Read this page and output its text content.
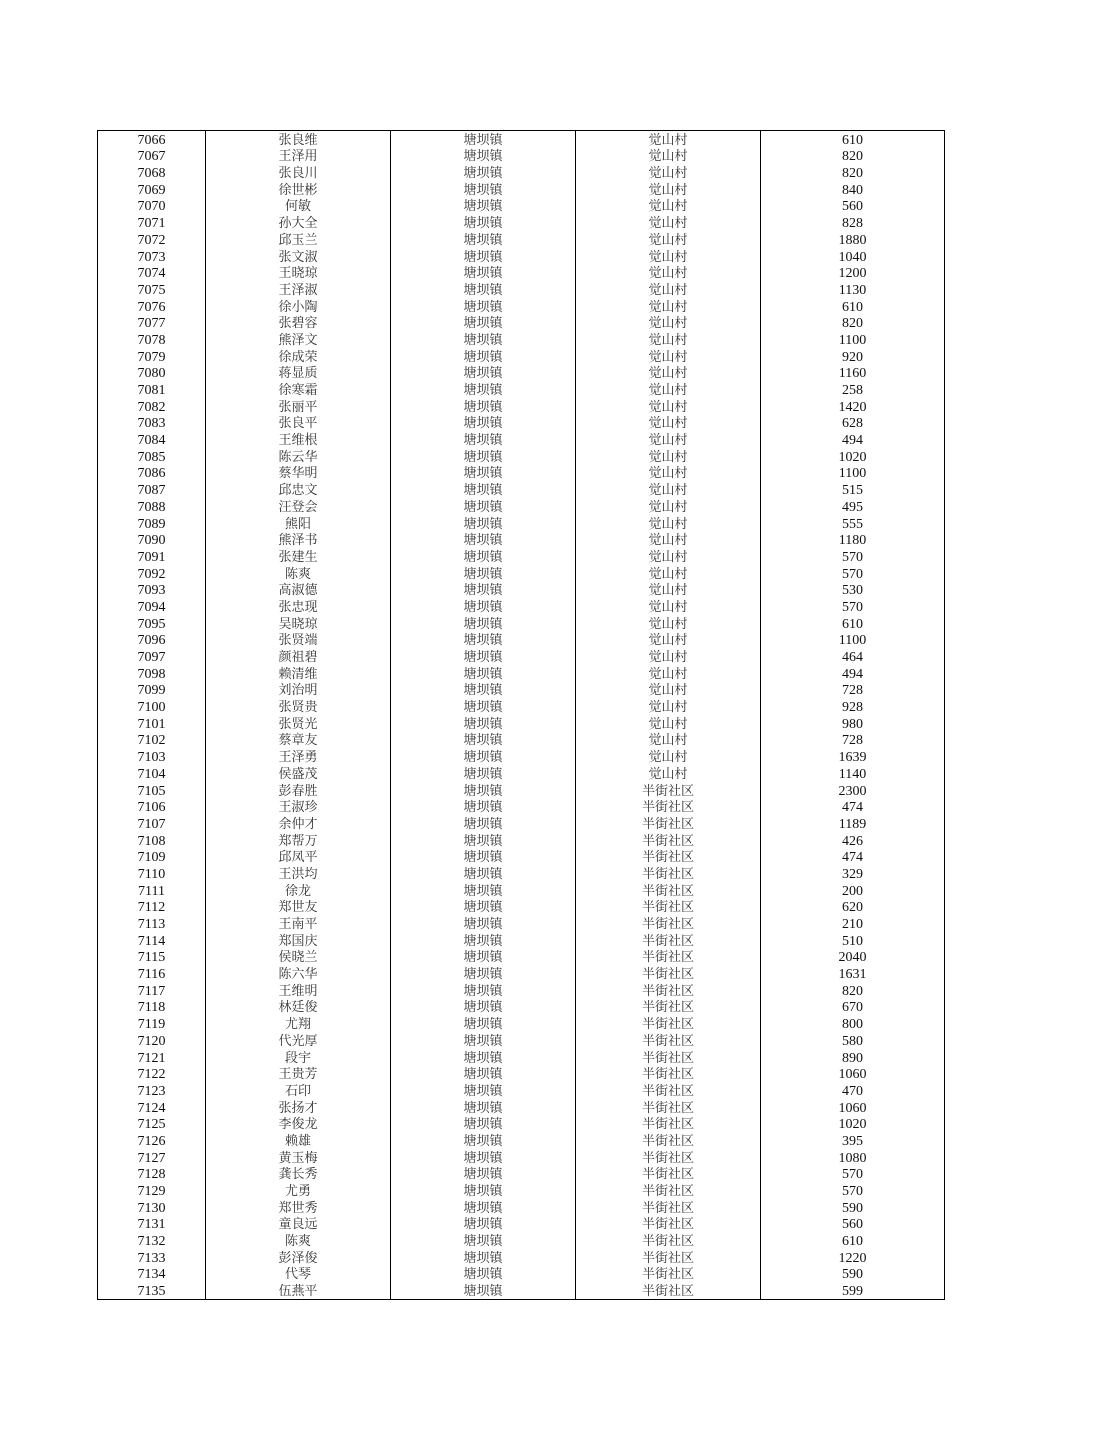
7066	张良维	塘坝镇	觉山村	610
7067	王泽用	塘坝镇	觉山村	820
7068	张良川	塘坝镇	觉山村	820
7069	徐世彬	塘坝镇	觉山村	840
7070	何敏	塘坝镇	觉山村	560
7071	孙大全	塘坝镇	觉山村	828
7072	邱玉兰	塘坝镇	觉山村	1880
7073	张文淑	塘坝镇	觉山村	1040
7074	王晓琼	塘坝镇	觉山村	1200
7075	王泽淑	塘坝镇	觉山村	1130
7076	徐小陶	塘坝镇	觉山村	610
7077	张碧容	塘坝镇	觉山村	820
7078	熊泽文	塘坝镇	觉山村	1100
7079	徐成荣	塘坝镇	觉山村	920
7080	蒋显质	塘坝镇	觉山村	1160
7081	徐寒霜	塘坝镇	觉山村	258
7082	张丽平	塘坝镇	觉山村	1420
7083	张良平	塘坝镇	觉山村	628
7084	王维根	塘坝镇	觉山村	494
7085	陈云华	塘坝镇	觉山村	1020
7086	蔡华明	塘坝镇	觉山村	1100
7087	邱忠文	塘坝镇	觉山村	515
7088	汪登会	塘坝镇	觉山村	495
7089	熊阳	塘坝镇	觉山村	555
7090	熊泽书	塘坝镇	觉山村	1180
7091	张建生	塘坝镇	觉山村	570
7092	陈爽	塘坝镇	觉山村	570
7093	高淑德	塘坝镇	觉山村	530
7094	张忠现	塘坝镇	觉山村	570
7095	吴晓琼	塘坝镇	觉山村	610
7096	张贤端	塘坝镇	觉山村	1100
7097	颜祖碧	塘坝镇	觉山村	464
7098	赖清维	塘坝镇	觉山村	494
7099	刘治明	塘坝镇	觉山村	728
7100	张贤贵	塘坝镇	觉山村	928
7101	张贤光	塘坝镇	觉山村	980
7102	蔡章友	塘坝镇	觉山村	728
7103	王泽勇	塘坝镇	觉山村	1639
7104	侯盛茂	塘坝镇	觉山村	1140
7105	彭春胜	塘坝镇	半街社区	2300
7106	王淑珍	塘坝镇	半街社区	474
7107	余仲才	塘坝镇	半街社区	1189
7108	郑帮万	塘坝镇	半街社区	426
7109	邱凤平	塘坝镇	半街社区	474
7110	王洪均	塘坝镇	半街社区	329
7111	徐龙	塘坝镇	半街社区	200
7112	郑世友	塘坝镇	半街社区	620
7113	王南平	塘坝镇	半街社区	210
7114	郑国庆	塘坝镇	半街社区	510
7115	侯晓兰	塘坝镇	半街社区	2040
7116	陈六华	塘坝镇	半街社区	1631
7117	王维明	塘坝镇	半街社区	820
7118	林廷俊	塘坝镇	半街社区	670
7119	尤翔	塘坝镇	半街社区	800
7120	代光厚	塘坝镇	半街社区	580
7121	段宇	塘坝镇	半街社区	890
7122	王贵芳	塘坝镇	半街社区	1060
7123	石印	塘坝镇	半街社区	470
7124	张扬才	塘坝镇	半街社区	1060
7125	李俊龙	塘坝镇	半街社区	1020
7126	赖雄	塘坝镇	半街社区	395
7127	黄玉梅	塘坝镇	半街社区	1080
7128	龚长秀	塘坝镇	半街社区	570
7129	尤勇	塘坝镇	半街社区	570
7130	郑世秀	塘坝镇	半街社区	590
7131	童良远	塘坝镇	半街社区	560
7132	陈爽	塘坝镇	半街社区	610
7133	彭泽俊	塘坝镇	半街社区	1220
7134	代琴	塘坝镇	半街社区	590
7135	伍燕平	塘坝镇	半街社区	599
